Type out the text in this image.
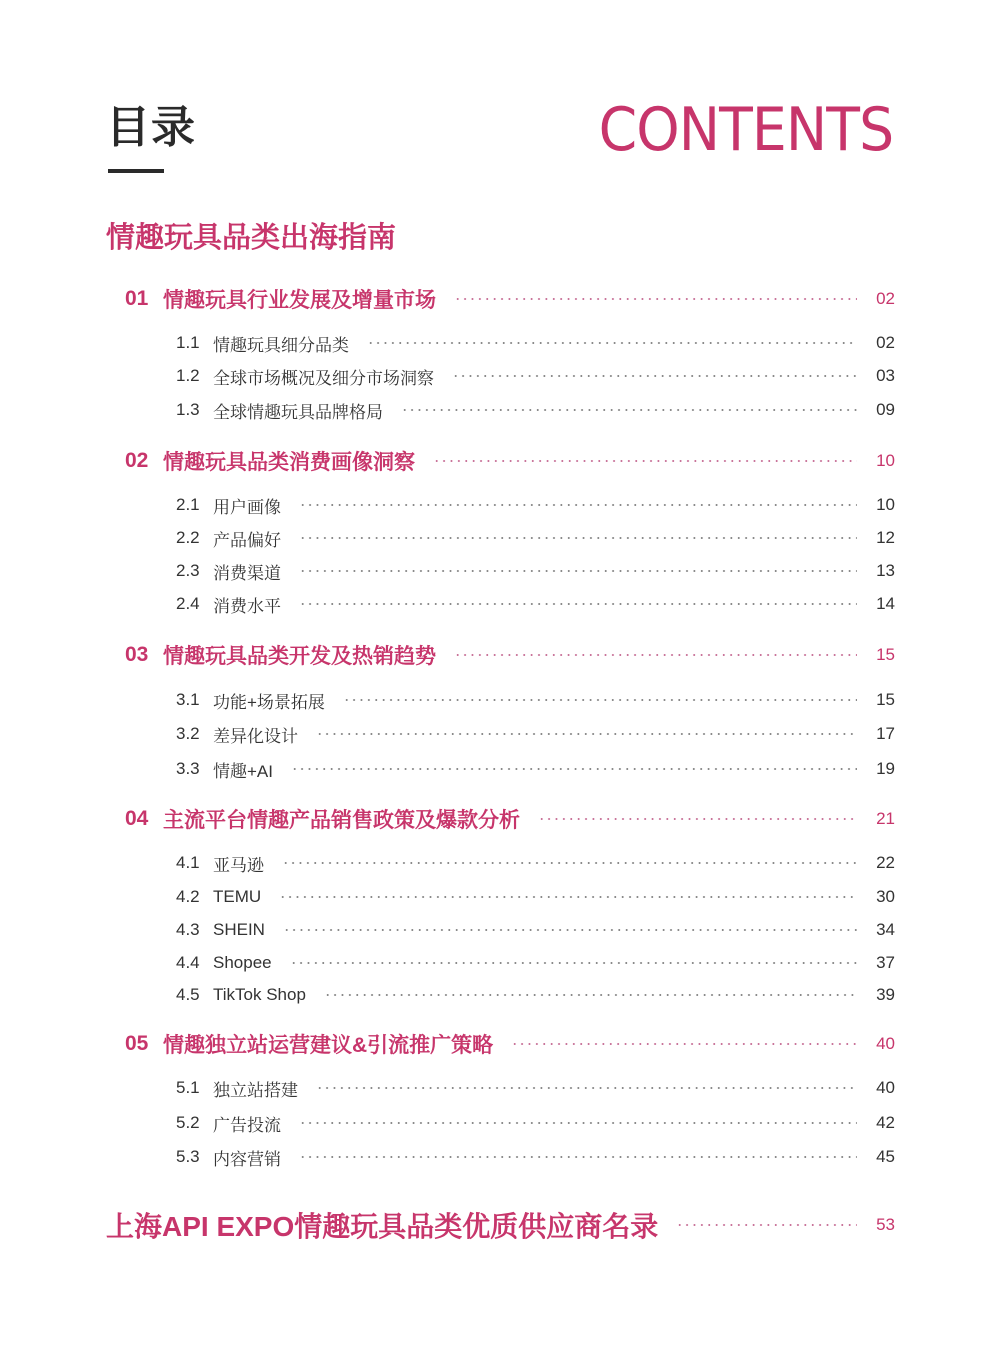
目录	CONTENTS
情趣玩具品类出海指南
01 情趣玩具行业发展及增量市场	02
1.1 情趣玩具细分品类	02
1.2 全球市场概况及细分市场洞察	03
1.3 全球情趣玩具品牌格局	09
02 情趣玩具品类消费画像洞察	10
2.1 用户画像	10
2.2 产品偏好	12
2.3 消费渠道	13
2.4 消费水平	14
03 情趣玩具品类开发及热销趋势	15
3.1 功能+场景拓展	15
3.2 差异化设计	17
3.3 情趣+AI	19
04 主流平台情趣产品销售政策及爆款分析	21
4.1 亚马逊	22
4.2 TEMU	30
4.3 SHEIN	34
4.4 Shopee	37
4.5 TikTok Shop	39
05 情趣独立站运营建议&引流推广策略	40
5.1 独立站搭建	40
5.2 广告投流	42
5.3 内容营销	45
上海API EXPO情趣玩具品类优质供应商名录	53
